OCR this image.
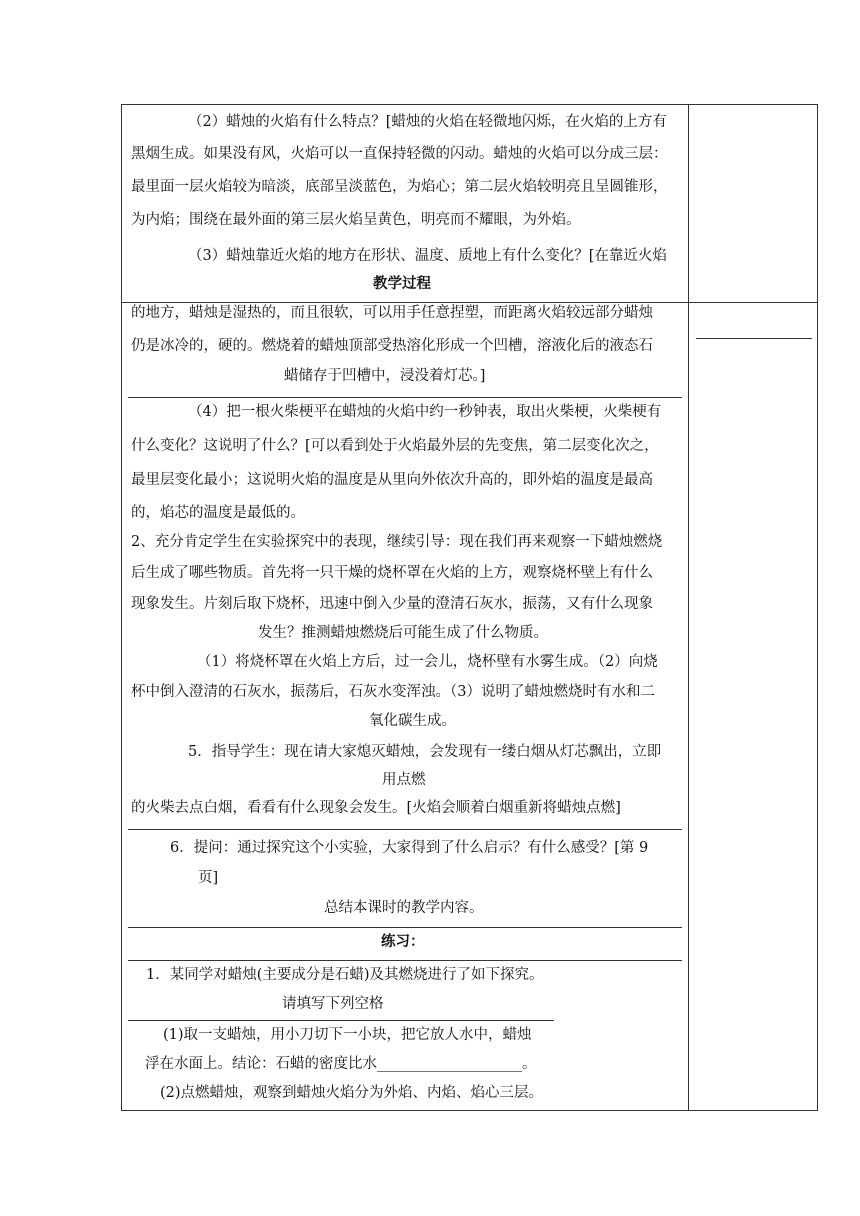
（2）蜡烛的火焰有什么特点？[蜡烛的火焰在轻微地闪烁，在火焰的上方有
黑烟生成。如果没有风，火焰可以一直保持轻微的闪动。蜡烛的火焰可以分成三层：
最里面一层火焰较为暗淡，底部呈淡蓝色，为焰心；第二层火焰较明亮且呈圆锥形，
为内焰；围绕在最外面的第三层火焰呈黄色，明亮而不耀眼，为外焰。
（3）蜡烛靠近火焰的地方在形状、温度、质地上有什么变化？[在靠近火焰
教学过程
的地方，蜡烛是湿热的，而且很软，可以用手任意捏塑，而距离火焰较远部分蜡烛
仍是冰冷的，硬的。燃烧着的蜡烛顶部受热溶化形成一个凹槽，溶液化后的液态石
蜡储存于凹槽中，浸没着灯芯。]
（4）把一根火柴梗平在蜡烛的火焰中约一秒钟表，取出火柴梗，火柴梗有
什么变化？这说明了什么？[可以看到处于火焰最外层的先变焦，第二层变化次之，
最里层变化最小；这说明火焰的温度是从里向外依次升高的，即外焰的温度是最高
的，焰芯的温度是最低的。
2、充分肯定学生在实验探究中的表现，继续引导：现在我们再来观察一下蜡烛燃烧
后生成了哪些物质。首先将一只干燥的烧杯罩在火焰的上方，观察烧杯壁上有什么
现象发生。片刻后取下烧杯，迅速中倒入少量的澄清石灰水，振荡，又有什么现象
发生？推测蜡烛燃烧后可能生成了什么物质。
（1）将烧杯罩在火焰上方后，过一会儿，烧杯壁有水雾生成。（2）向烧
杯中倒入澄清的石灰水，振荡后，石灰水变浑浊。（3）说明了蜡烛燃烧时有水和二
氧化碳生成。
5．指导学生：现在请大家熄灭蜡烛，会发现有一缕白烟从灯芯飘出，立即
用点燃
的火柴去点白烟，看看有什么现象会发生。[火焰会顺着白烟重新将蜡烛点燃]
6．提问：通过探究这个小实验，大家得到了什么启示？有什么感受？[第 9
页]
总结本课时的教学内容。
练习：
1．某同学对蜡烛(主要成分是石蜡)及其燃烧进行了如下探究。
请填写下列空格
(1)取一支蜡烛，用小刀切下一小块，把它放人水中，蜡烛
浮在水面上。结论：石蜡的密度比水____________________。
(2)点燃蜡烛，观察到蜡烛火焰分为外焰、内焰、焰心三层。
